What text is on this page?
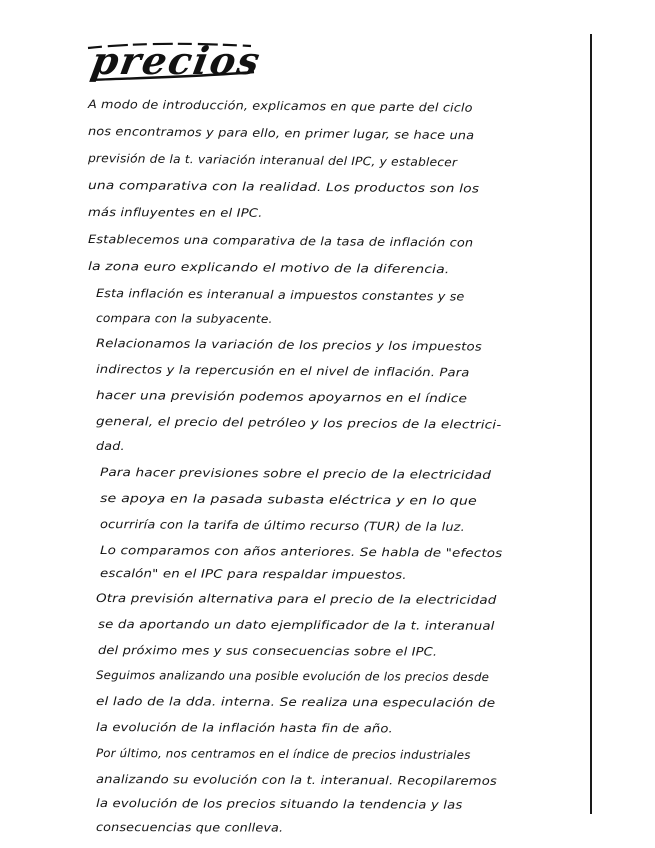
precios
A modo de introducción, explicamos en que parte del ciclo
nos encontramos y para ello, en primer lugar, se hace una
previsión de la t. variación interanual del IPC, y establecer
una comparativa con la realidad. Los productos son los
más influyentes en el IPC.
Establecemos una comparativa de la tasa de inflación con
la zona euro explicando el motivo de la diferencia.
Esta inflación es interanual a impuestos constantes y se
compara con la subyacente.
Relacionamos la variación de los precios y los impuestos
indirectos y la repercusión en el nivel de inflación. Para
hacer una previsión podemos apoyarnos en el índice
general, el precio del petróleo y los precios de la electrici-
dad.
Para hacer previsiones sobre el precio de la electricidad
se apoya en la pasada subasta eléctrica y en lo que
ocurriría con la tarifa de último recurso (TUR) de la luz.
Lo comparamos con años anteriores. Se habla de "efectos
escalón" en el IPC para respaldar impuestos.
Otra previsión alternativa para el precio de la electricidad
se da aportando un dato ejemplificador de la t. interanual
del próximo mes y sus consecuencias sobre el IPC.
Seguimos analizando una posible evolución de los precios desde
el lado de la dda. interna. Se realiza una especulación de
la evolución de la inflación hasta fin de año.
Por último, nos centramos en el índice de precios industriales
analizando su evolución con la t. interanual. Recopilaremos
la evolución de los precios situando la tendencia y las
consecuencias que conlleva.
